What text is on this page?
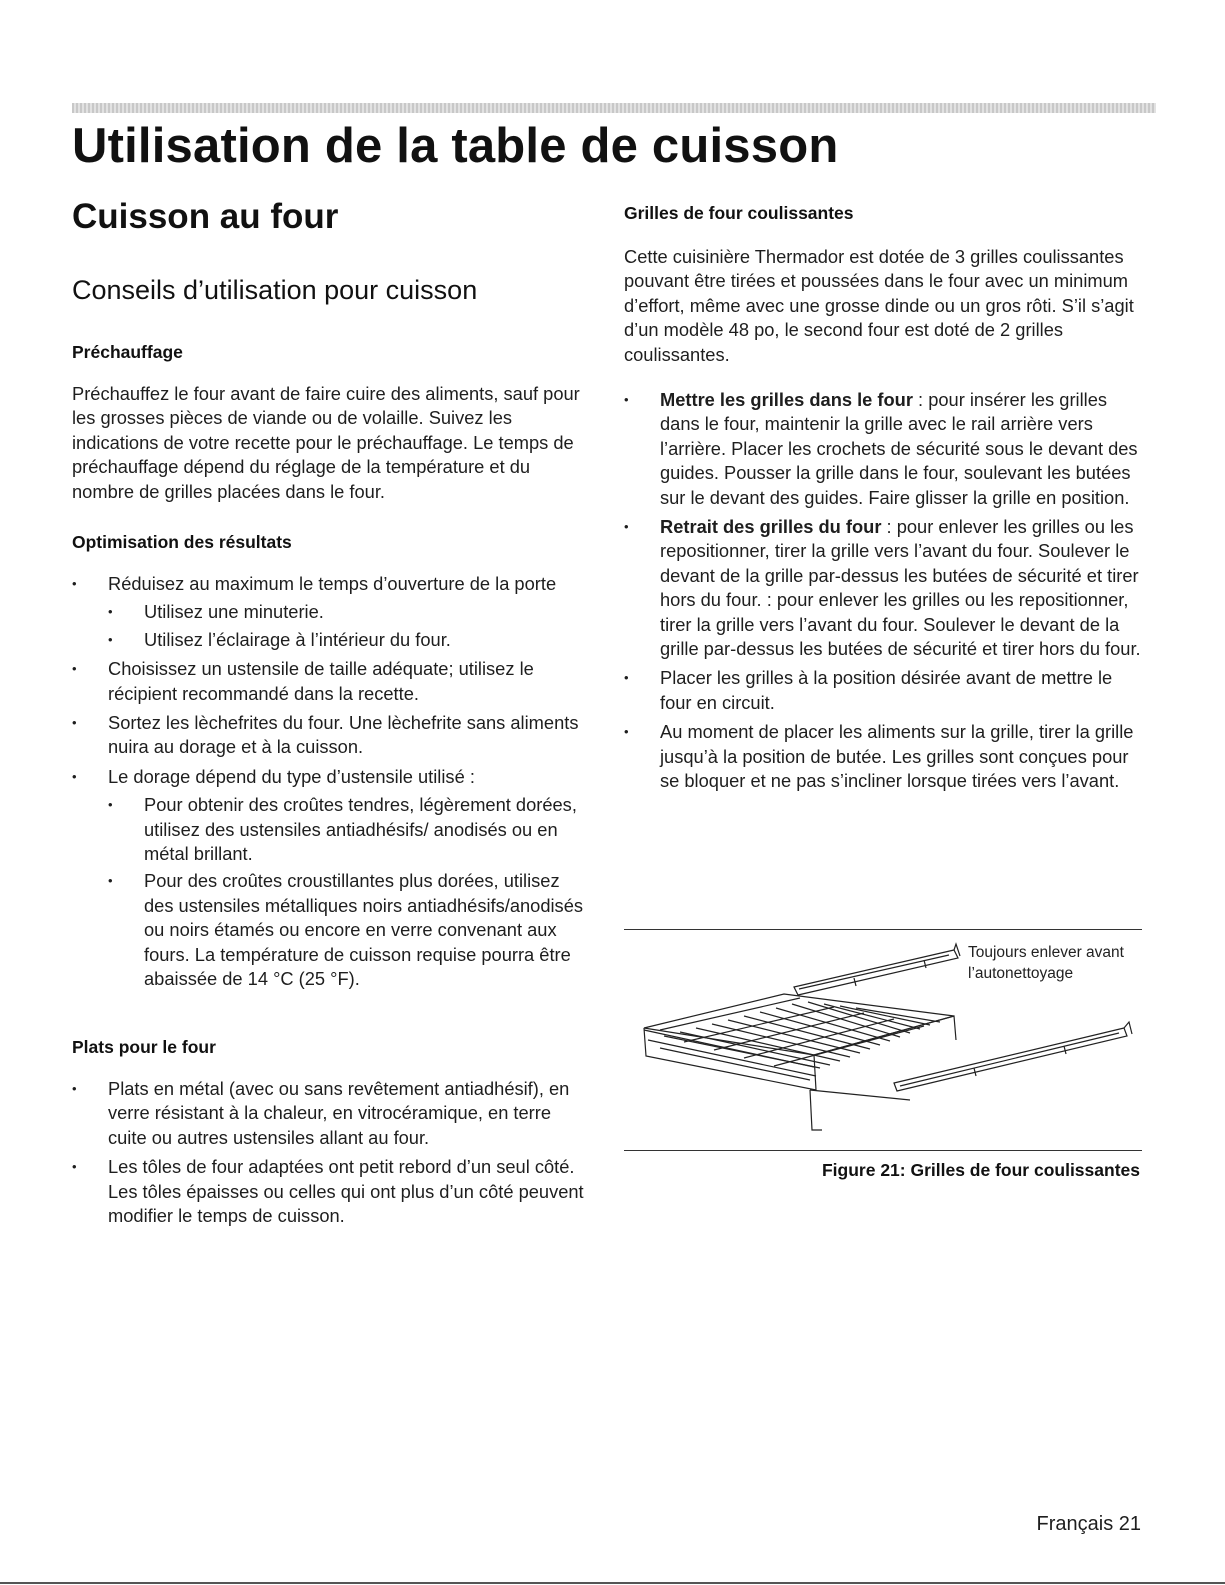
Utilisation de la table de cuisson
Cuisson au four
Conseils d’utilisation pour cuisson
Préchauffage

Préchauffez le four avant de faire cuire des aliments, sauf pour les grosses pièces de viande ou de volaille. Suivez les indications de votre recette pour le préchauffage. Le temps de préchauffage dépend du réglage de la température et du nombre de grilles placées dans le four.

Optimisation des résultats
• Réduisez au maximum le temps d’ouverture de la porte
• Utilisez une minuterie.
• Utilisez l’éclairage à l’intérieur du four.
• Choisissez un ustensile de taille adéquate; utilisez le récipient recommandé dans la recette.
• Sortez les lèchefrites du four. Une lèchefrite sans aliments nuira au dorage et à la cuisson.
• Le dorage dépend du type d’ustensile utilisé :
• Pour obtenir des croûtes tendres, légèrement dorées, utilisez des ustensiles antiadhésifs/ anodisés ou en métal brillant.
• Pour des croûtes croustillantes plus dorées, utilisez des ustensiles métalliques noirs antiadhésifs/anodisés ou noirs étamés ou encore en verre convenant aux fours. La température de cuisson requise pourra être abaissée de 14 °C (25 °F).
Plats pour le four
• Plats en métal (avec ou sans revêtement antiadhésif), en verre résistant à la chaleur, en vitrocéramique, en terre cuite ou autres ustensiles allant au four.
• Les tôles de four adaptées ont petit rebord d’un seul côté. Les tôles épaisses ou celles qui ont plus d’un côté peuvent modifier le temps de cuisson.
Grilles de four coulissantes

Cette cuisinière Thermador est dotée de 3 grilles coulissantes pouvant être tirées et poussées dans le four avec un minimum d’effort, même avec une grosse dinde ou un gros rôti. S’il s’agit d’un modèle 48 po, le second four est doté de 2 grilles coulissantes.

• Mettre les grilles dans le four : pour insérer les grilles dans le four, maintenir la grille avec le rail arrière vers l’arrière. Placer les crochets de sécurité sous le devant des guides. Pousser la grille dans le four, soulevant les butées sur le devant des guides. Faire glisser la grille en position.
• Retrait des grilles du four : pour enlever les grilles ou les repositionner, tirer la grille vers l’avant du four. Soulever le devant de la grille par-dessus les butées de sécurité et tirer hors du four. : pour enlever les grilles ou les repositionner, tirer la grille vers l’avant du four. Soulever le devant de la grille par-dessus les butées de sécurité et tirer hors du four.
• Placer les grilles à la position désirée avant de mettre le four en circuit.
• Au moment de placer les aliments sur la grille, tirer la grille jusqu’à la position de butée. Les grilles sont conçues pour se bloquer et ne pas s’incliner lorsque tirées vers l’avant.

Toujours enlever avant l’autonettoyage

Figure 21: Grilles de four coulissantes

Français 21
